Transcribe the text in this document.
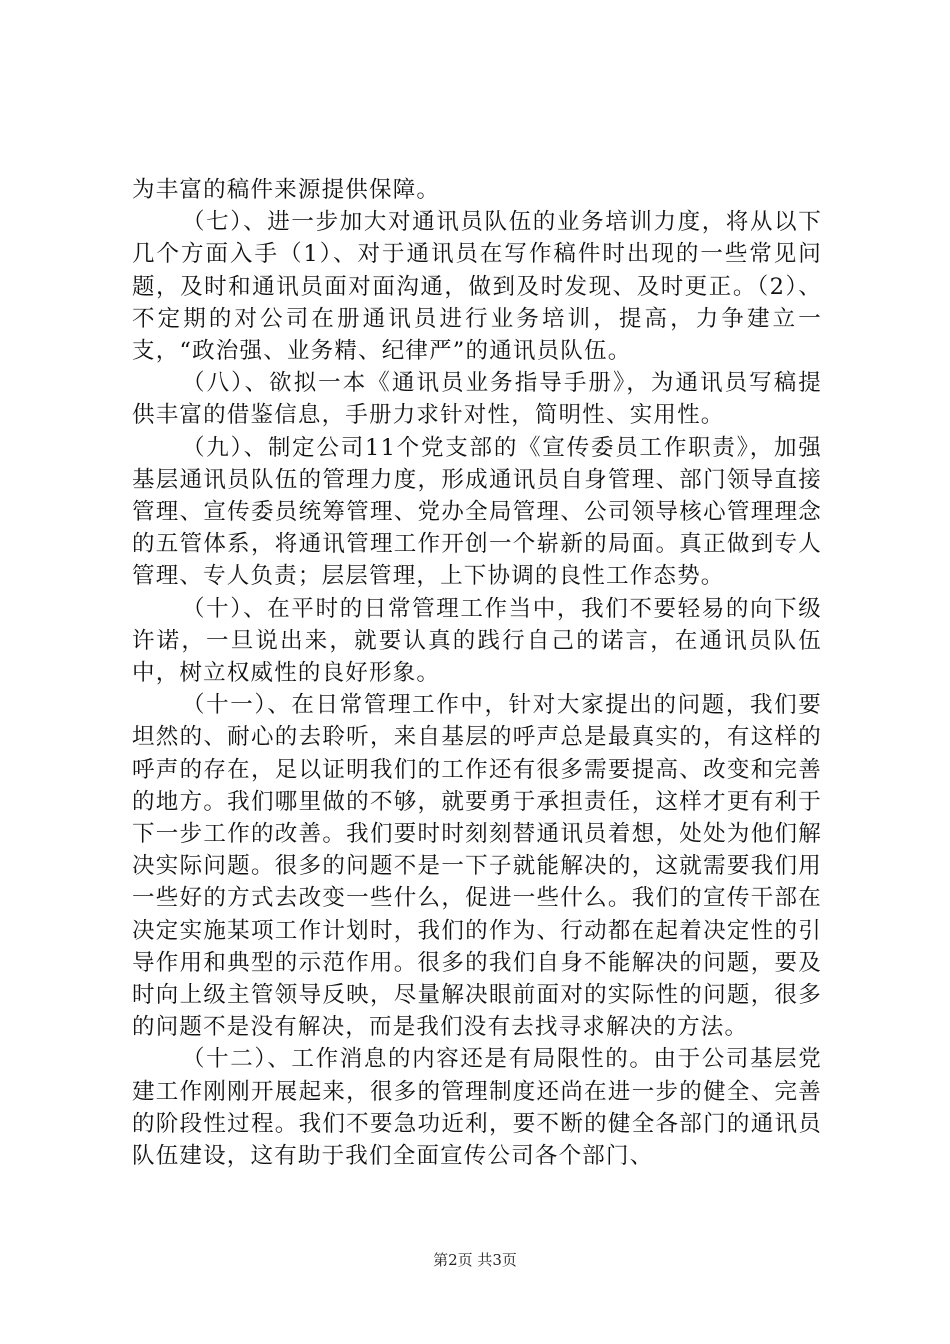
为丰富的稿件来源提供保障。

（七）、进一步加大对通讯员队伍的业务培训力度，将从以下几个方面入手（1）、对于通讯员在写作稿件时出现的一些常见问题，及时和通讯员面对面沟通，做到及时发现、及时更正。（2）、不定期的对公司在册通讯员进行业务培训，提高，力争建立一支，“政治强、业务精、纪律严”的通讯员队伍。

（八）、欲拟一本《通讯员业务指导手册》，为通讯员写稿提供丰富的借鉴信息，手册力求针对性，简明性、实用性。

（九）、制定公司11个党支部的《宣传委员工作职责》，加强基层通讯员队伍的管理力度，形成通讯员自身管理、部门领导直接管理、宣传委员统筹管理、党办全局管理、公司领导核心管理理念的五管体系，将通讯管理工作开创一个崭新的局面。真正做到专人管理、专人负责；层层管理，上下协调的良性工作态势。

（十）、在平时的日常管理工作当中，我们不要轻易的向下级许诺，一旦说出来，就要认真的践行自己的诺言，在通讯员队伍中，树立权威性的良好形象。

（十一）、在日常管理工作中，针对大家提出的问题，我们要坦然的、耐心的去聆听，来自基层的呼声总是最真实的，有这样的呼声的存在，足以证明我们的工作还有很多需要提高、改变和完善的地方。我们哪里做的不够，就要勇于承担责任，这样才更有利于下一步工作的改善。我们要时时刻刻替通讯员着想，处处为他们解决实际问题。很多的问题不是一下子就能解决的，这就需要我们用一些好的方式去改变一些什么，促进一些什么。我们的宣传干部在决定实施某项工作计划时，我们的作为、行动都在起着决定性的引导作用和典型的示范作用。很多的我们自身不能解决的问题，要及时向上级主管领导反映，尽量解决眼前面对的实际性的问题，很多的问题不是没有解决，而是我们没有去找寻求解决的方法。

（十二）、工作消息的内容还是有局限性的。由于公司基层党建工作刚刚开展起来，很多的管理制度还尚在进一步的健全、完善的阶段性过程。我们不要急功近利，要不断的健全各部门的通讯员队伍建设，这有助于我们全面宣传公司各个部门、

第2页 共3页
